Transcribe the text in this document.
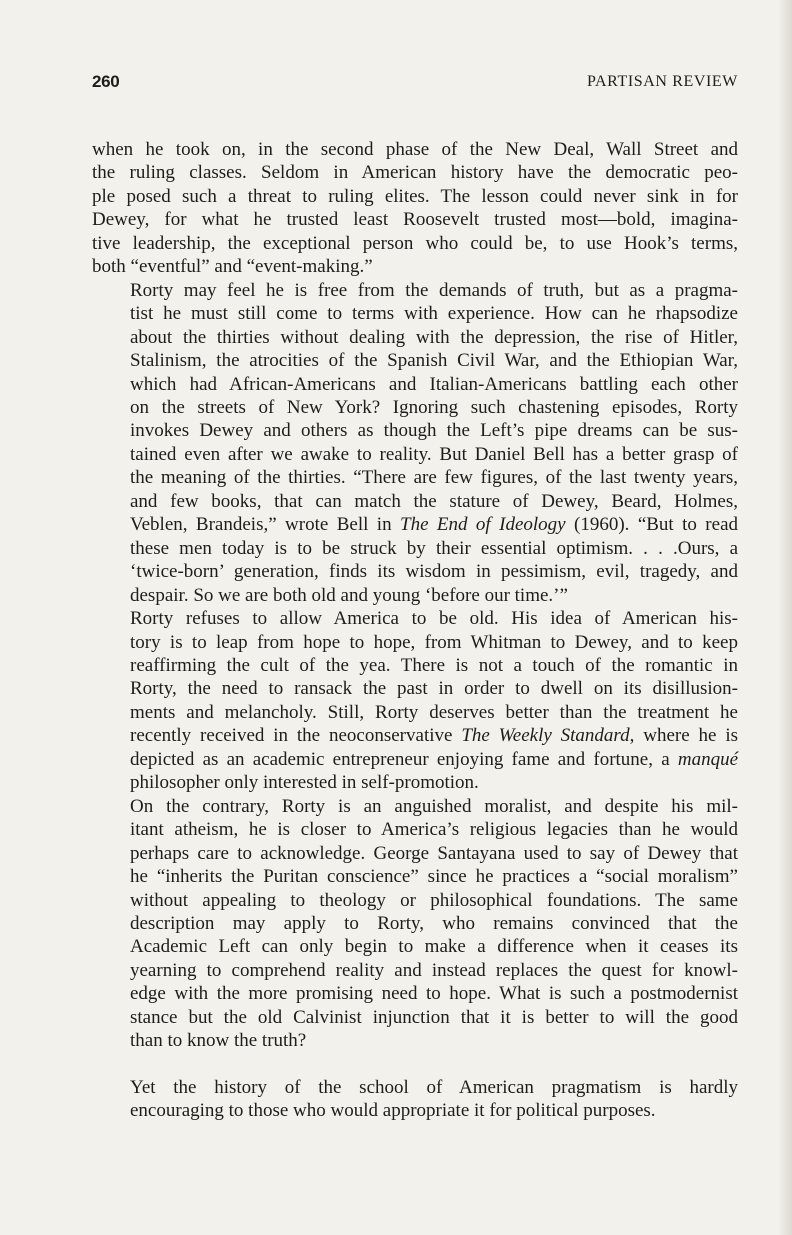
260	PARTISAN REVIEW
when he took on, in the second phase of the New Deal, Wall Street and
the ruling classes. Seldom in American history have the democratic peo-
ple posed such a threat to ruling elites. The lesson could never sink in for
Dewey, for what he trusted least Roosevelt trusted most—bold, imagina-
tive leadership, the exceptional person who could be, to use Hook’s terms,
both “eventful” and “event-making.”
Rorty may feel he is free from the demands of truth, but as a pragma-
tist he must still come to terms with experience. How can he rhapsodize
about the thirties without dealing with the depression, the rise of Hitler,
Stalinism, the atrocities of the Spanish Civil War, and the Ethiopian War,
which had African-Americans and Italian-Americans battling each other
on the streets of New York? Ignoring such chastening episodes, Rorty
invokes Dewey and others as though the Left’s pipe dreams can be sus-
tained even after we awake to reality. But Daniel Bell has a better grasp of
the meaning of the thirties. “There are few figures, of the last twenty years,
and few books, that can match the stature of Dewey, Beard, Holmes,
Veblen, Brandeis,” wrote Bell in The End of Ideology (1960). “But to read
these men today is to be struck by their essential optimism. . . .Ours, a
‘twice-born’ generation, finds its wisdom in pessimism, evil, tragedy, and
despair. So we are both old and young ‘before our time.’”
Rorty refuses to allow America to be old. His idea of American his-
tory is to leap from hope to hope, from Whitman to Dewey, and to keep
reaffirming the cult of the yea. There is not a touch of the romantic in
Rorty, the need to ransack the past in order to dwell on its disillusion-
ments and melancholy. Still, Rorty deserves better than the treatment he
recently received in the neoconservative The Weekly Standard, where he is
depicted as an academic entrepreneur enjoying fame and fortune, a manqué
philosopher only interested in self-promotion.
On the contrary, Rorty is an anguished moralist, and despite his mil-
itant atheism, he is closer to America’s religious legacies than he would
perhaps care to acknowledge. George Santayana used to say of Dewey that
he “inherits the Puritan conscience” since he practices a “social moralism”
without appealing to theology or philosophical foundations. The same
description may apply to Rorty, who remains convinced that the
Academic Left can only begin to make a difference when it ceases its
yearning to comprehend reality and instead replaces the quest for knowl-
edge with the more promising need to hope. What is such a postmodernist
stance but the old Calvinist injunction that it is better to will the good
than to know the truth?
Yet the history of the school of American pragmatism is hardly
encouraging to those who would appropriate it for political purposes.
